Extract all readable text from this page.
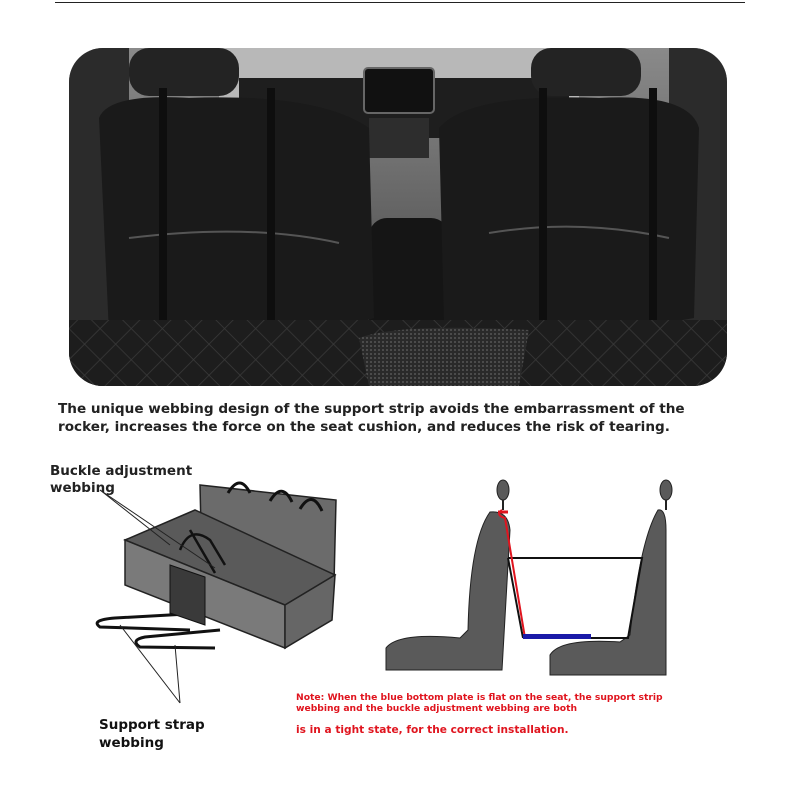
The unique webbing design of the support strip avoids the embarrassment of the
rocker, increases the force on the seat cushion, and reduces the risk of tearing.
Buckle adjustment
webbing
Support strap
webbing
Note: When the blue bottom plate is flat on the seat, the support strip
webbing and the buckle adjustment webbing are both
is in a tight state, for the correct installation.
